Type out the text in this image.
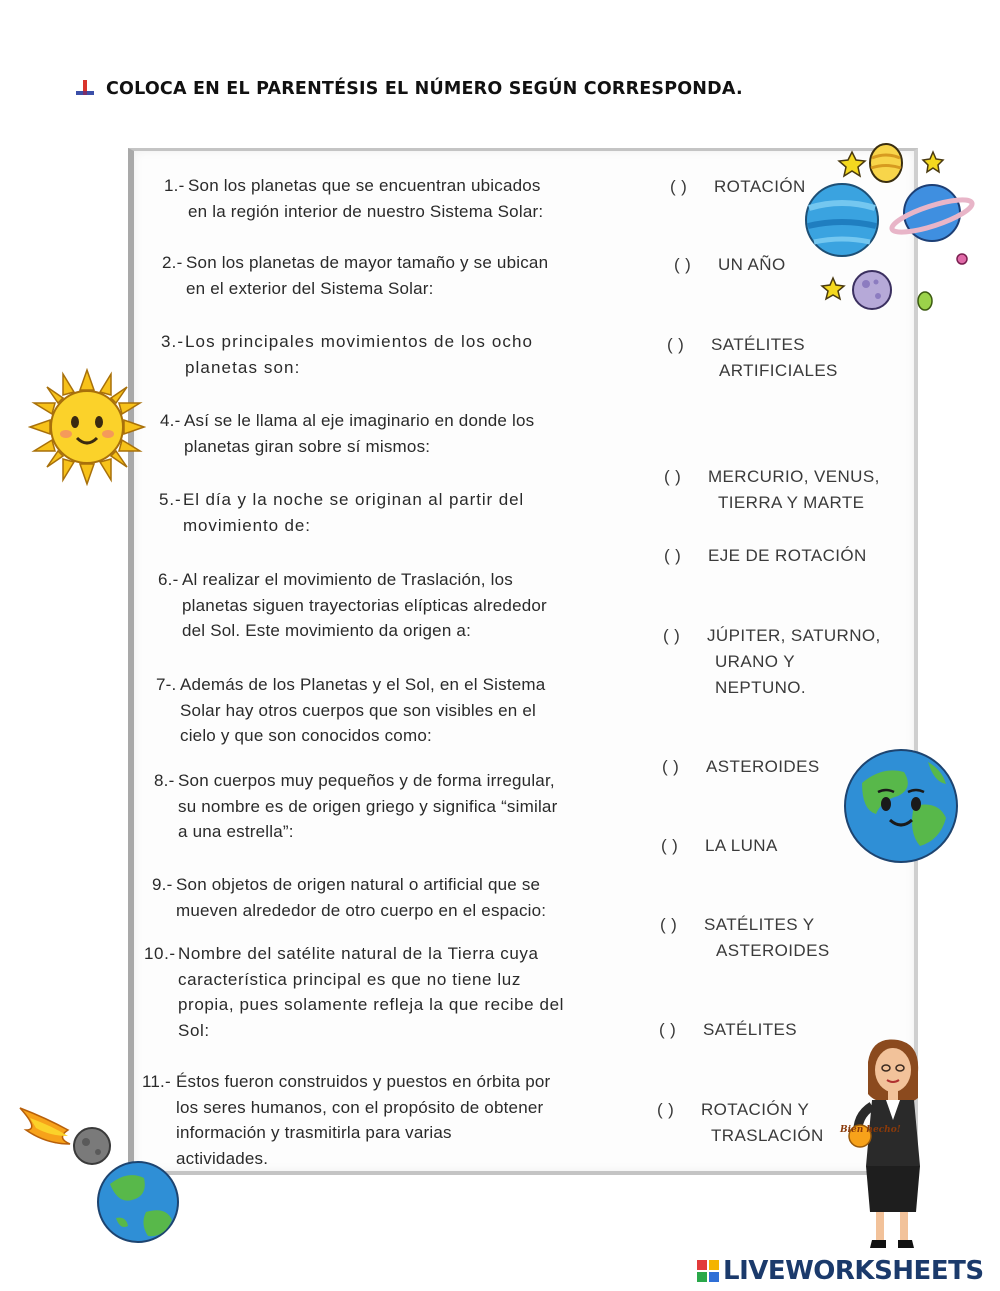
COLOCA EN EL PARENTÉSIS EL NÚMERO SEGÚN CORRESPONDA.
1.- Son los planetas que se encuentran ubicados
en la región interior de nuestro Sistema Solar:
2.- Son los planetas de mayor tamaño y se ubican
en el exterior del Sistema Solar:
3.-Los principales movimientos de los ocho
planetas son:
4.- Así se le llama al eje imaginario en donde los
planetas giran sobre sí mismos:
5.-El día y la noche se originan al partir del
movimiento de:
6.- Al realizar el movimiento de Traslación, los
planetas siguen trayectorias elípticas alrededor
del Sol. Este movimiento da origen a:
7-. Además de los Planetas y el Sol, en el Sistema
Solar hay otros cuerpos que son visibles en el
cielo y que son conocidos como:
8.- Son cuerpos muy pequeños y de forma irregular,
su nombre es de origen griego y significa “similar
a una estrella”:
9.- Son objetos de origen natural o artificial que se
mueven alrededor de otro cuerpo en el espacio:
10.- Nombre del satélite natural de la Tierra cuya
característica principal es que no tiene luz
propia, pues solamente refleja la que recibe del
Sol:
11.- Éstos fueron construidos y puestos en órbita por
los seres humanos, con el propósito de obtener
información y trasmitirla para varias
actividades.
( ) ROTACIÓN
( ) UN AÑO
( ) SATÉLITES
ARTIFICIALES
( ) MERCURIO, VENUS,
TIERRA Y MARTE
( ) EJE DE ROTACIÓN
( ) JÚPITER, SATURNO,
URANO Y
NEPTUNO.
( ) ASTEROIDES
( ) LA LUNA
( ) SATÉLITES Y
ASTEROIDES
( ) SATÉLITES
( ) ROTACIÓN Y
TRASLACIÓN Bien hecho!
LIVEWORKSHEETS
